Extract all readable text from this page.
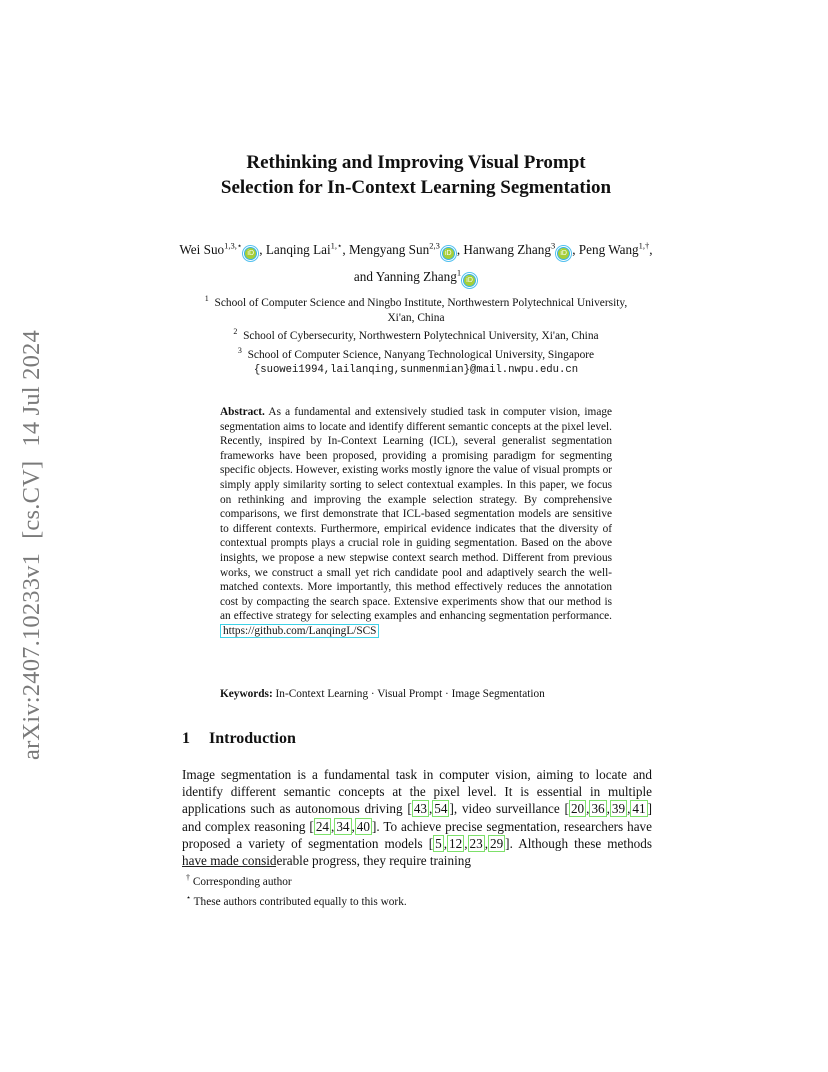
arXiv:2407.10233v1[cs.CV]14 Jul 2024
Rethinking and Improving Visual Prompt
Selection for In-Context Learning Segmentation
Wei Suo$^{1,3,⋆}$iD , Lanqing Lai$^{1,⋆}$, Mengyang Sun$^{2,3}$iD , Hanwang Zhang$^3$iD , Peng Wang$^{1,\dagger}$, and Yanning Zhang$^1$iD
$^1$ School of Computer Science and Ningbo Institute, Northwestern Polytechnical University, Xi'an, China
$^2$ School of Cybersecurity, Northwestern Polytechnical University, Xi'an, China
$^3$ School of Computer Science, Nanyang Technological University, Singapore
{suowei1994,lailanqing,sunmenmian}@mail.nwpu.edu.cn
Abstract. As a fundamental and extensively studied task in computer vision, image segmentation aims to locate and identify different semantic concepts at the pixel level. Recently, inspired by In-Context Learning (ICL), several generalist segmentation frameworks have been proposed, providing a promising paradigm for segmenting specific objects. However, existing works mostly ignore the value of visual prompts or simply apply similarity sorting to select contextual examples. In this paper, we focus on rethinking and improving the example selection strategy. By comprehensive comparisons, we first demonstrate that ICL-based segmentation models are sensitive to different contexts. Furthermore, empirical evidence indicates that the diversity of contextual prompts plays a crucial role in guiding segmentation. Based on the above insights, we propose a new stepwise context search method. Different from previous works, we construct a small yet rich candidate pool and adaptively search the well-matched contexts. More importantly, this method effectively reduces the annotation cost by compacting the search space. Extensive experiments show that our method is an effective strategy for selecting examples and enhancing segmentation performance. https://github.com/LanqingL/SCS
Keywords: In-Context Learning · Visual Prompt · Image Segmentation
1 Introduction
Image segmentation is a fundamental task in computer vision, aiming to locate and identify different semantic concepts at the pixel level. It is essential in multiple applications such as autonomous driving [ 43 , 54 ], video surveillance [ 20 , 36 , 39 , 41 ] and complex reasoning [ 24 , 34 , 40 ]. To achieve precise segmentation, researchers have proposed a variety of segmentation models [ 5 , 12 , 23 , 29 ]. Although these methods have made considerable progress, they require training
† Corresponding author
⋆ These authors contributed equally to this work.
